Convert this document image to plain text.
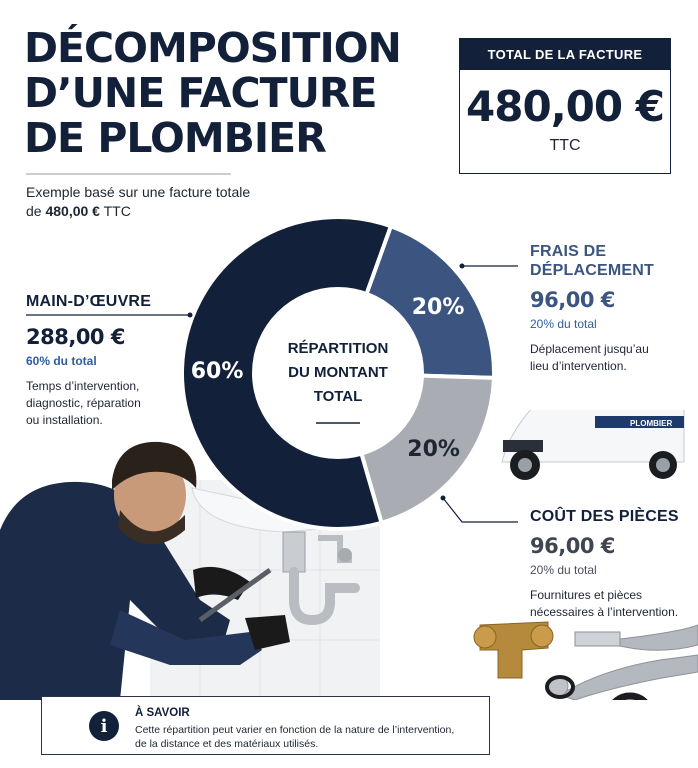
DÉCOMPOSITION
D’UNE FACTURE
DE PLOMBIER
Exemple basé sur une facture totale de 480,00 € TTC
TOTAL DE LA FACTURE
480,00 €
TTC
PLOMBIER
20%
20%
60%
RÉPARTITION
DU MONTANT
TOTAL
MAIN-D’ŒUVRE
288,00 €
60% du total
Temps d’intervention, diagnostic, réparation ou installation.
FRAIS DE
DÉPLACEMENT
96,00 €
20% du total
Déplacement jusqu’au lieu d’intervention.
COÛT DES PIÈCES
96,00 €
20% du total
Fournitures et pièces nécessaires à l’intervention.
i
À SAVOIR
Cette répartition peut varier en fonction de la nature de l’intervention, de la distance et des matériaux utilisés.
